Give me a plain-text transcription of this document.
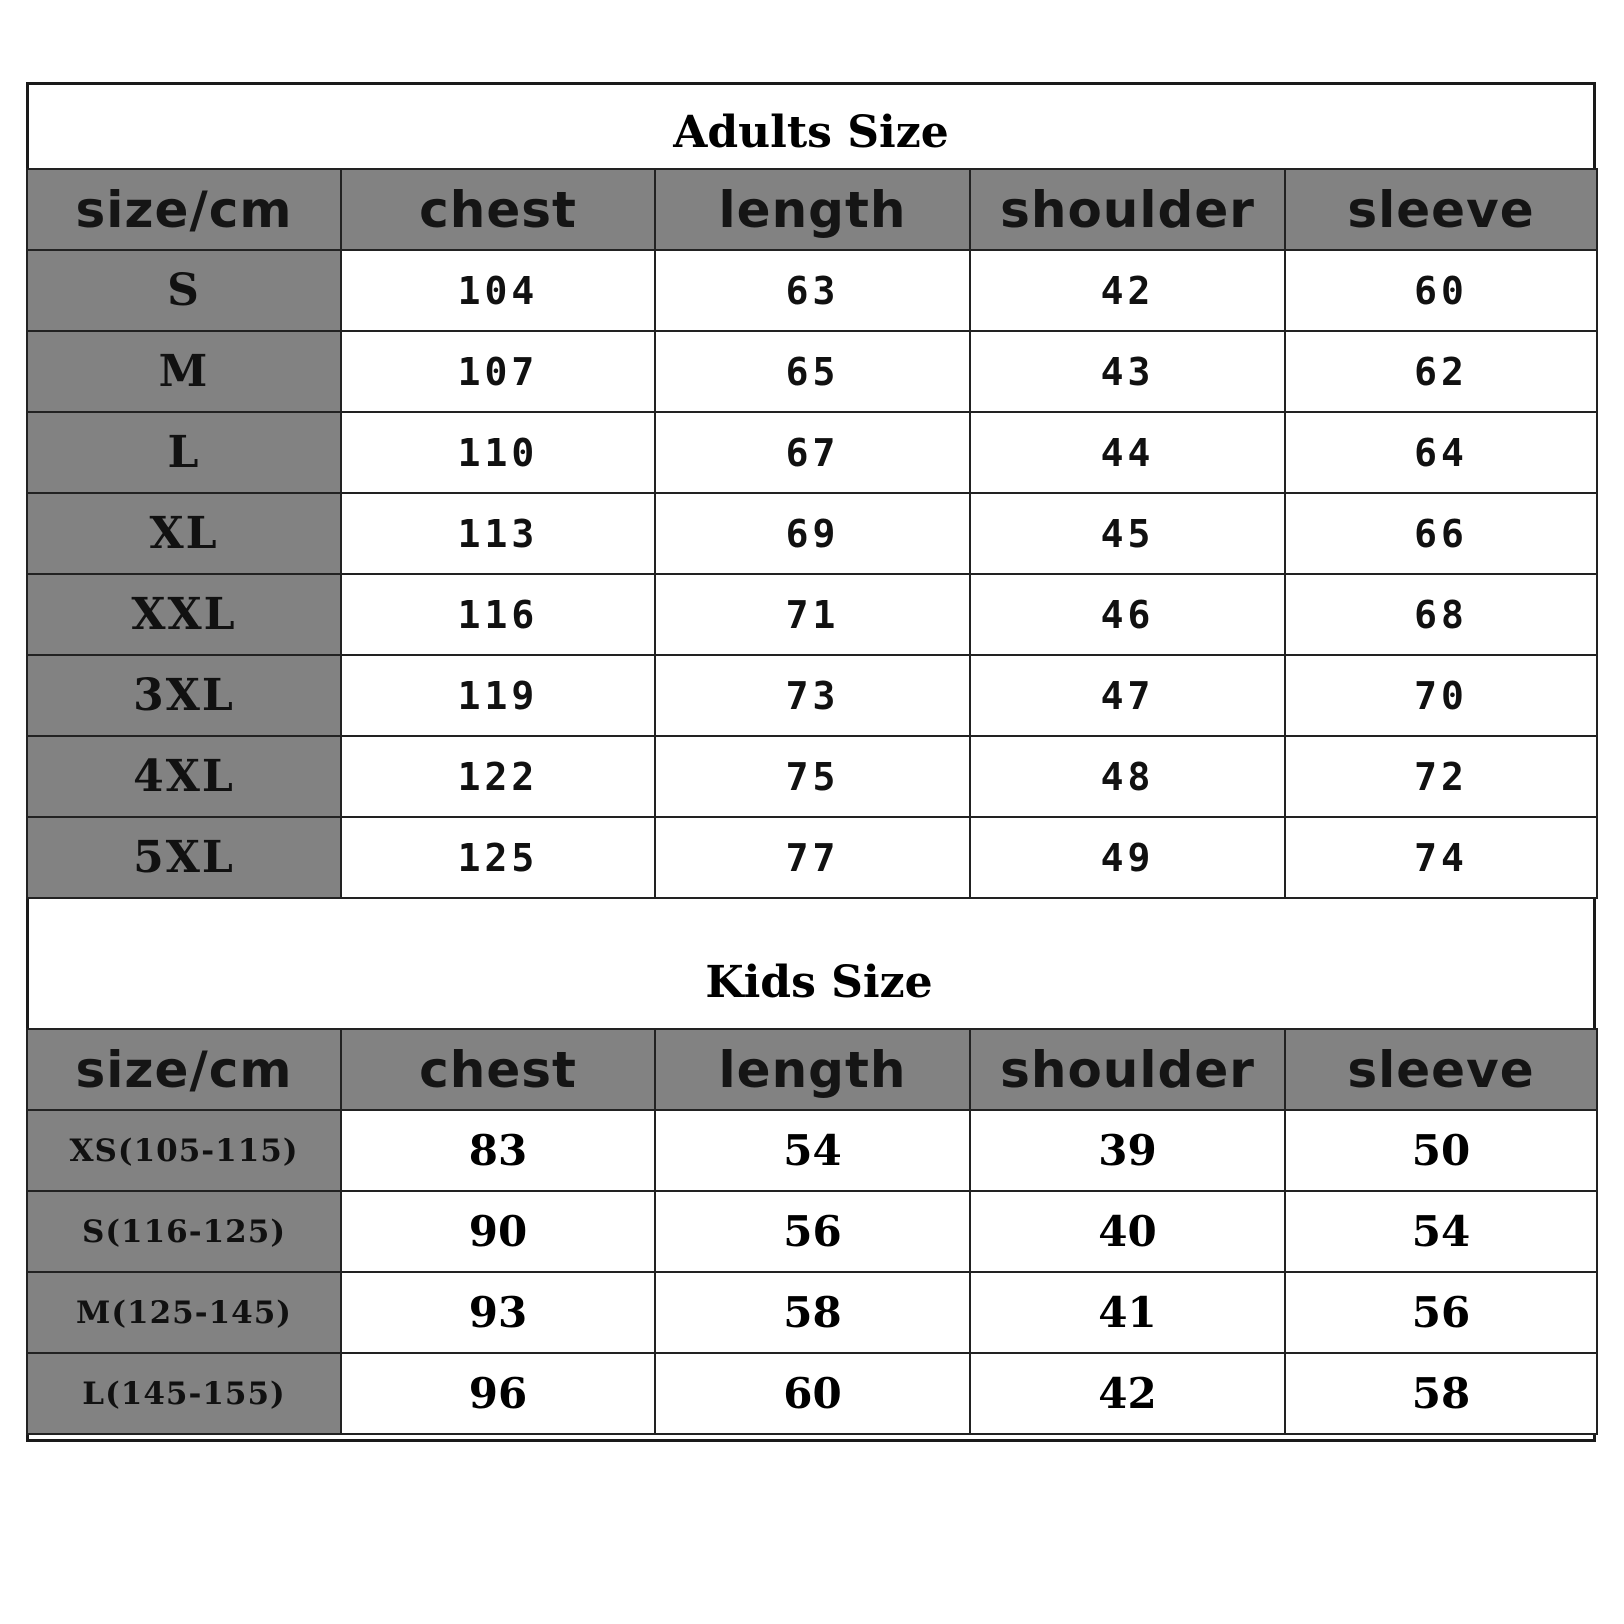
Adults Size
size/cm	chest	length	shoulder	sleeve
S	104	63	42	60
M	107	65	43	62
L	110	67	44	64
XL	113	69	45	66
XXL	116	71	46	68
3XL	119	73	47	70
4XL	122	75	48	72
5XL	125	77	49	74
Kids Size
size/cm	chest	length	shoulder	sleeve
XS(105-115)	83	54	39	50
S(116-125)	90	56	40	54
M(125-145)	93	58	41	56
L(145-155)	96	60	42	58
